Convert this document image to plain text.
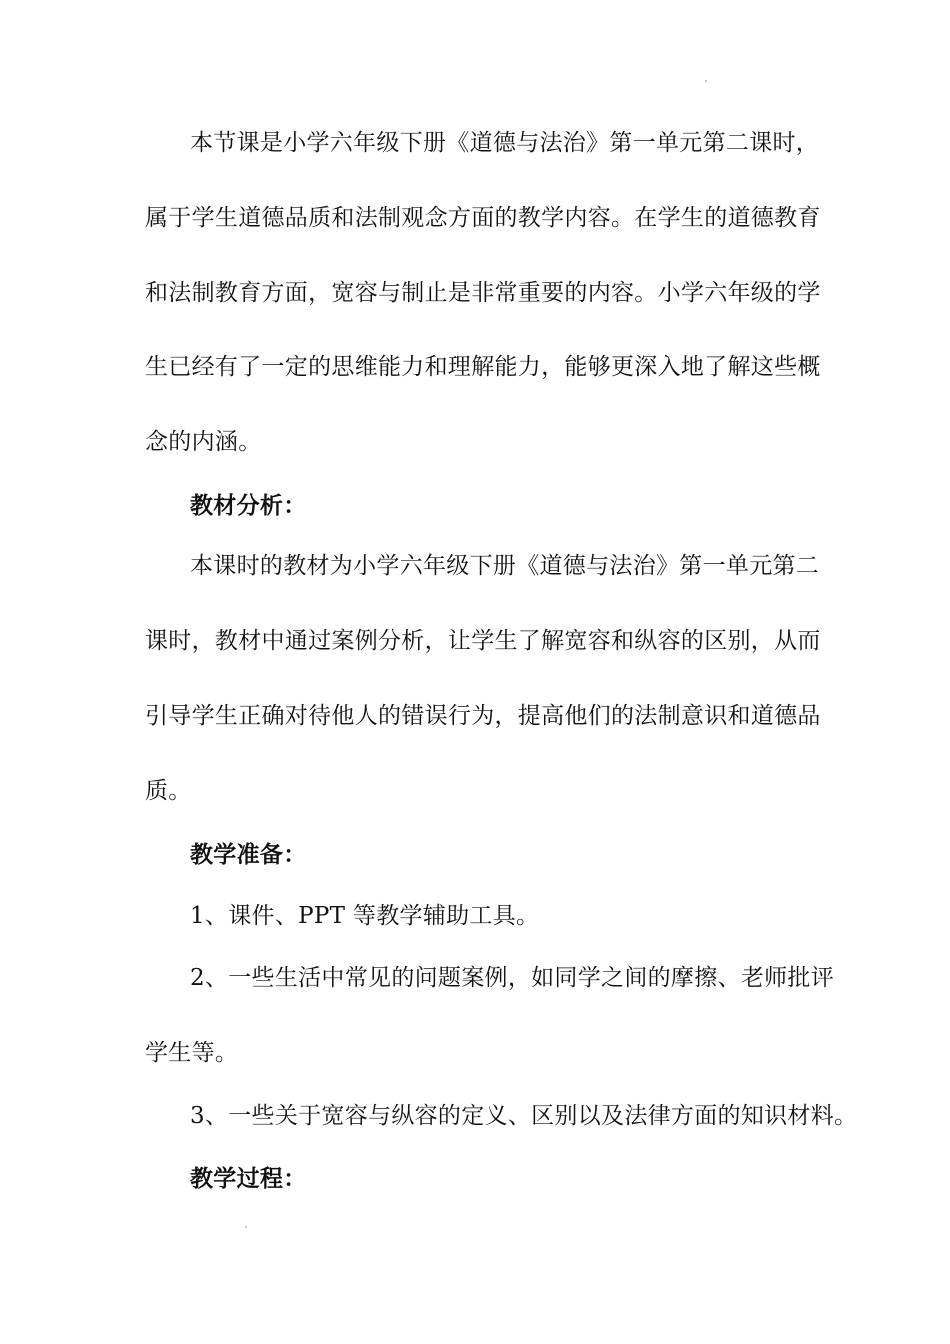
本节课是小学六年级下册《道德与法治》第一单元第二课时，
属于学生道德品质和法制观念方面的教学内容。在学生的道德教育
和法制教育方面，宽容与制止是非常重要的内容。小学六年级的学
生已经有了一定的思维能力和理解能力，能够更深入地了解这些概
念的内涵。
教材分析：
本课时的教材为小学六年级下册《道德与法治》第一单元第二
课时，教材中通过案例分析，让学生了解宽容和纵容的区别，从而
引导学生正确对待他人的错误行为，提高他们的法制意识和道德品
质。
教学准备：
1、课件、PPT 等教学辅助工具。
2、一些生活中常见的问题案例，如同学之间的摩擦、老师批评
学生等。
3、一些关于宽容与纵容的定义、区别以及法律方面的知识材料。
教学过程：
